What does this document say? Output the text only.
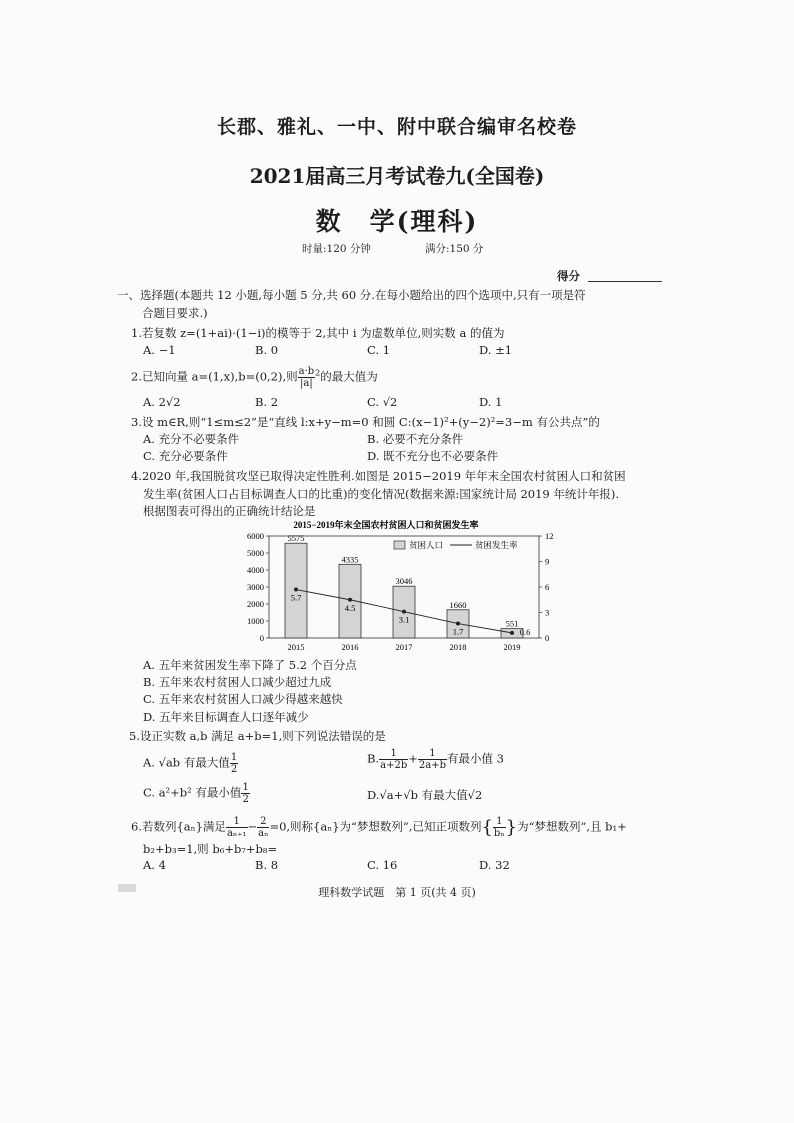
长郡、雅礼、一中、附中联合编审名校卷
2021届高三月考试卷九(全国卷)
数　学(理科)
时量:120 分钟	满分:150 分
得分
一、选择题(本题共 12 小题,每小题 5 分,共 60 分.在每小题给出的四个选项中,只有一项是符
合题目要求.)
1.若复数 z=(1+ai)·(1−i)的模等于 2,其中 i 为虚数单位,则实数 a 的值为
A. −1	B. 0	C. 1	D. ±1
2.已知向量 a=(1,x),b=(0,2),则 $\frac{a\cdot b}{|a|} ^2$的最大值为
A. 2√2	B. 2	C. √2	D. 1
3.设 m∈R,则“1≤m≤2”是“直线 l:x+y−m=0 和圆 C:(x−1)²+(y−2)²=3−m 有公共点”的
A. 充分不必要条件	B. 必要不充分条件
C. 充分必要条件	D. 既不充分也不必要条件
4.2020 年,我国脱贫攻坚已取得决定性胜利.如图是 2015−2019 年年末全国农村贫困人口和贫困
发生率(贫困人口占目标调查人口的比重)的变化情况(数据来源:国家统计局 2019 年统计年报).
根据图表可得出的正确统计结论是
2015−2019年末全国农村贫困人口和贫困发生率
0
1000
2000
3000
4000
5000
6000
0
3
6
9
12
5575
2015
4335
2016
3046
2017
1660
2018
551
2019
5.7
4.5
3.1
1.7	0.6
贫困人口	贫困发生率
A. 五年来贫困发生率下降了 5.2 个百分点
B. 五年来农村贫困人口减少超过九成
C. 五年来农村贫困人口减少得越来越快
D. 五年来目标调查人口逐年减少
5.设正实数 a,b 满足 a+b=1,则下列说法错误的是
A. √ab 有最大值 $\frac{1}{2}$	B. $\frac{1}{a+2b} + \frac{1}{2a+b}$ 有最小值 3
C. a²+b² 有最小值 $\frac{1}{2}$	D.√a+√b 有最大值√2
6.若数列{aₙ}满足 $\frac{1}{\text{aₙ₊₁}} - \frac{2}{\text{aₙ}} =0$,则称{aₙ}为“梦想数列”,已知正项数列{ $\frac{1}{\text{bₙ}}$ }为“梦想数列”,且 b₁+
b₂+b₃=1,则 b₆+b₇+b₈=
A. 4	B. 8	C. 16	D. 32
理科数学试题　第 1 页(共 4 页)
